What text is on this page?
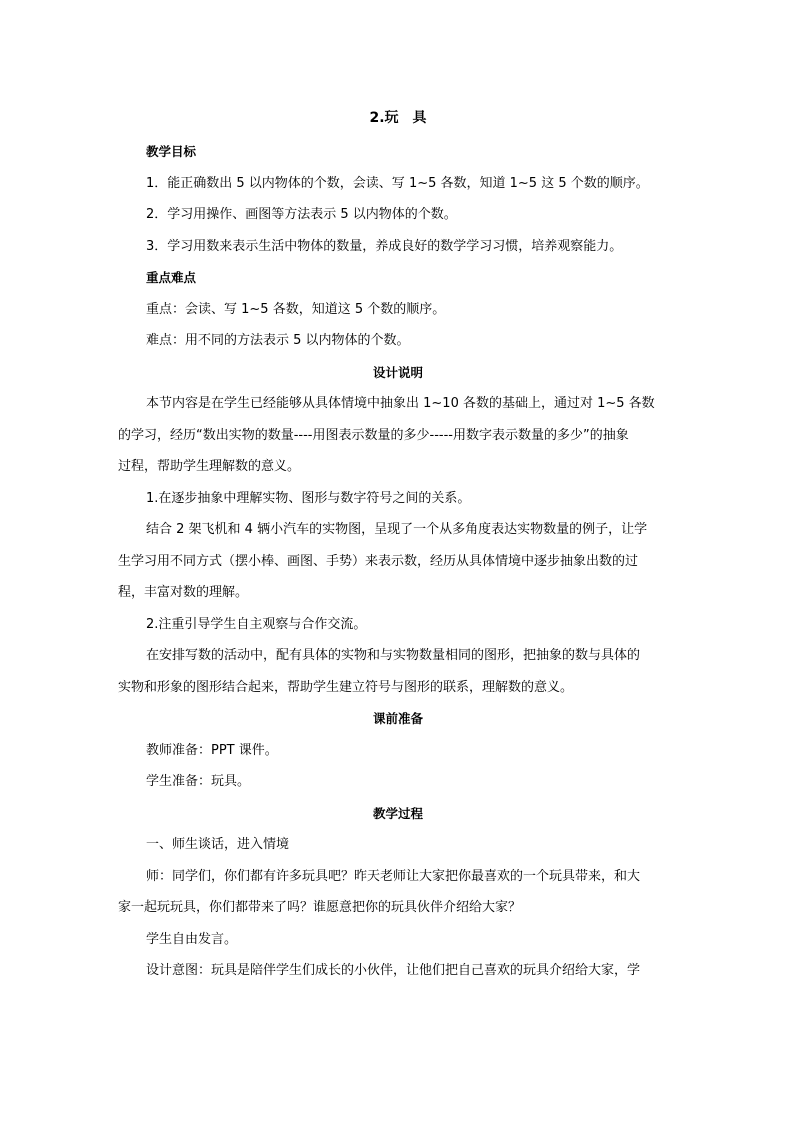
2.玩　具
教学目标
1．能正确数出 5 以内物体的个数，会读、写 1~5 各数，知道 1~5 这 5 个数的顺序。
2．学习用操作、画图等方法表示 5 以内物体的个数。
3．学习用数来表示生活中物体的数量，养成良好的数学学习习惯，培养观察能力。
重点难点
重点：会读、写 1~5 各数，知道这 5 个数的顺序。
难点：用不同的方法表示 5 以内物体的个数。
设计说明
本节内容是在学生已经能够从具体情境中抽象出 1~10 各数的基础上，通过对 1~5 各数
的学习，经历“数出实物的数量----用图表示数量的多少-----用数字表示数量的多少”的抽象
过程，帮助学生理解数的意义。
1.在逐步抽象中理解实物、图形与数字符号之间的关系。
结合 2 架飞机和 4 辆小汽车的实物图，呈现了一个从多角度表达实物数量的例子，让学
生学习用不同方式（摆小棒、画图、手势）来表示数，经历从具体情境中逐步抽象出数的过
程，丰富对数的理解。
2.注重引导学生自主观察与合作交流。
在安排写数的活动中，配有具体的实物和与实物数量相同的图形，把抽象的数与具体的
实物和形象的图形结合起来，帮助学生建立符号与图形的联系，理解数的意义。
课前准备
教师准备：PPT 课件。
学生准备：玩具。
教学过程
一、师生谈话，进入情境
师：同学们，你们都有许多玩具吧？昨天老师让大家把你最喜欢的一个玩具带来，和大
家一起玩玩具，你们都带来了吗？谁愿意把你的玩具伙伴介绍给大家？
学生自由发言。
设计意图：玩具是陪伴学生们成长的小伙伴，让他们把自己喜欢的玩具介绍给大家，学
